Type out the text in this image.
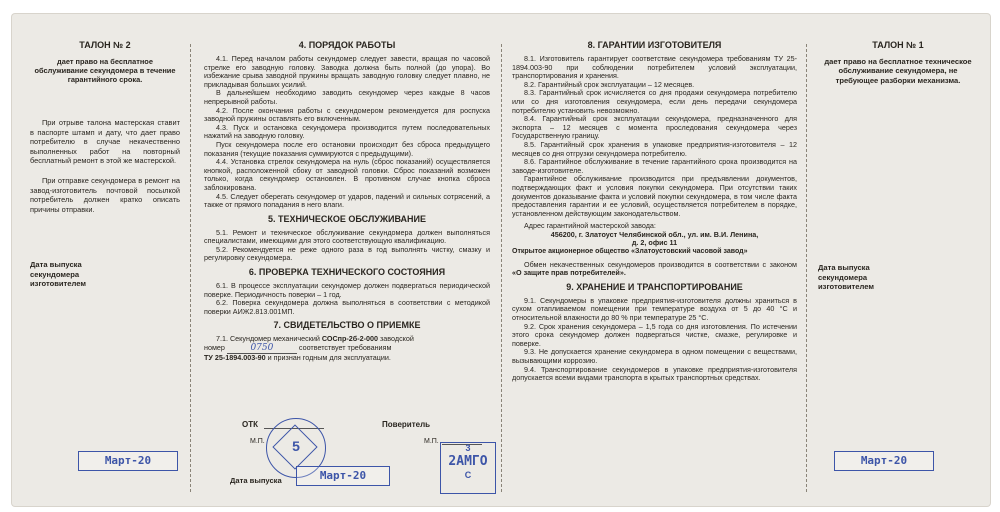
ТАЛОН № 2

дает право на бесплатное обслуживание секундомера в течение гарантийного срока.

При отрыве талона мастерская ставит в паспорте штамп и дату, что дает право потребителю в случае некачественно выполненных работ на повторный бесплатный ремонт в этой же мастерской.

При отправке секундомера в ремонт на завод-изготовитель почтовой посылкой потребитель должен кратко описать причины отправки.

Дата выпуска секундомера изготовителем

Март-20
4. ПОРЯДОК РАБОТЫ

4.1. Перед началом работы секундомер следует завести, вращая по часовой стрелке его заводную головку. Заводка должна быть полной (до упора). Во избежание срыва заводной пружины вращать заводную головку следует плавно, не прикладывая больших усилий.

В дальнейшем необходимо заводить секундомер через каждые 8 часов непрерывной работы.

4.2. После окончания работы с секундомером рекомендуется для роспуска заводной пружины оставлять его включенным.

4.3. Пуск и остановка секундомера производится путем последовательных нажатий на заводную головку.

Пуск секундомера после его остановки происходит без сброса предыдущего показания (текущие показания суммируются с предыдущими).

4.4. Установка стрелок секундомера на нуль (сброс показаний) осуществляется кнопкой, расположенной сбоку от заводной головки. Сброс показаний возможен только, когда секундомер остановлен. В противном случае кнопка сброса заблокирована.

4.5. Следует оберегать секундомер от ударов, падений и сильных сотрясений, а также от прямого попадания в него влаги.

5. ТЕХНИЧЕСКОЕ ОБСЛУЖИВАНИЕ

5.1. Ремонт и техническое обслуживание секундомера должен выполняться специалистами, имеющими для этого соответствующую квалификацию.

5.2. Рекомендуется не реже одного раза в год выполнять чистку, смазку и регулировку секундомера.

6. ПРОВЕРКА ТЕХНИЧЕСКОГО СОСТОЯНИЯ

6.1. В процессе эксплуатации секундомер должен подвергаться периодической поверке. Периодичность поверки – 1 год.

6.2. Поверка секундомера должна выполняться в соответствии с методикой поверки АИЖ2.813.001МП.

7. СВИДЕТЕЛЬСТВО О ПРИЕМКЕ

7.1. Секундомер механический СОСпр-2б-2-000 заводской

номер	0750	соответствует требованиям

ТУ 25-1894.003-90 и признан годным для эксплуатации.

ОТК
М.П.	5
Поверитель
М.П.
3
2АМГО
С
Дата выпуска	Март-20
8. ГАРАНТИИ ИЗГОТОВИТЕЛЯ

8.1. Изготовитель гарантирует соответствие секундомера требованиям ТУ 25-1894.003-90 при соблюдении потребителем условий эксплуатации, транспортирования и хранения.

8.2. Гарантийный срок эксплуатации – 12 месяцев.

8.3. Гарантийный срок исчисляется со дня продажи секундомера потребителю или со дня изготовления секундомера, если день передачи секундомера потребителю установить невозможно.

8.4. Гарантийный срок эксплуатации секундомера, предназначенного для экспорта – 12 месяцев с момента проследования секундомера через Государственную границу.

8.5. Гарантийный срок хранения в упаковке предприятия-изготовителя – 12 месяцев со дня отгрузки секундомера потребителю.

8.6. Гарантийное обслуживание в течение гарантийного срока производится на заводе-изготовителе.

Гарантийное обслуживание производится при предъявлении документов, подтверждающих факт и условия покупки секундомера. При отсутствии таких документов доказывание факта и условий покупки секундомера, в том числе факта предоставления гарантии и ее условий, осуществляется потребителем в порядке, установленном действующим законодательством.

Адрес гарантийной мастерской завода:

456200, г. Златоуст Челябинской обл., ул. им. В.И. Ленина,

д. 2, офис 11

Открытое акционерное общество «Златоустовский часовой завод»

Обмен некачественных секундомеров производится в соответствии с законом «О защите прав потребителей».

9. ХРАНЕНИЕ И ТРАНСПОРТИРОВАНИЕ

9.1. Секундомеры в упаковке предприятия-изготовителя должны храниться в сухом отапливаемом помещении при температуре воздуха от 5 до 40 °С и относительной влажности до 80 % при температуре 25 °С.

9.2. Срок хранения секундомера – 1,5 года со дня изготовления. По истечении этого срока секундомер должен подвергаться чистке, смазке, регулировке и поверке.

9.3. Не допускается хранение секундомера в одном помещении с веществами, вызывающими коррозию.

9.4. Транспортирование секундомеров в упаковке предприятия-изготовителя допускается всеми видами транспорта в крытых транспортных средствах.

ТАЛОН № 1

дает право на бесплатное техническое обслуживание секундомера, не требующее разборки механизма.

Дата выпуска секундомера изготовителем

Март-20
